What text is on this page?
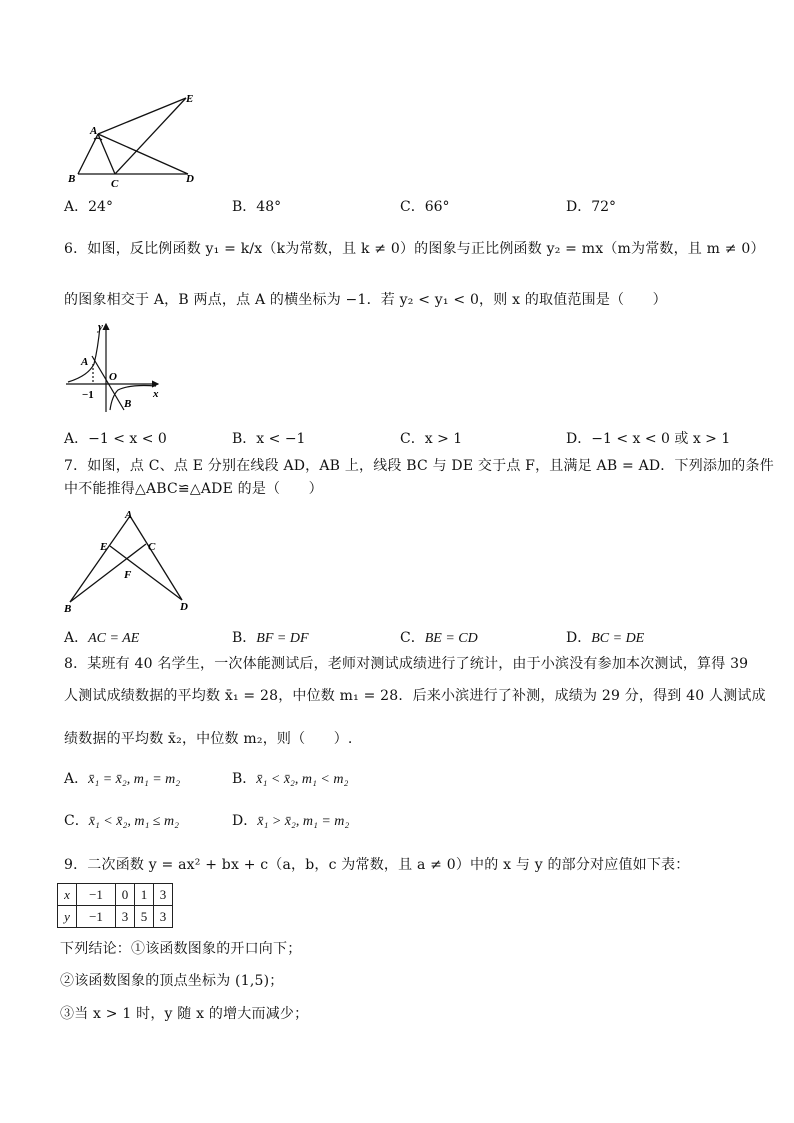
E
A
B	C	D
A．24°	B．48°	C．66°	D．72°
6．如图，反比例函数 y₁ = k/x（k为常数，且 k ≠ 0）的图象与正比例函数 y₂ = mx（m为常数，且 m ≠ 0）
的图象相交于 A，B 两点，点 A 的横坐标为 −1．若 y₂ < y₁ < 0，则 x 的取值范围是（　　）
y
A
O
x
−1
B
A．−1 < x < 0	B．x < −1	C．x > 1	D．−1 < x < 0 或 x > 1
7．如图，点 C、点 E 分别在线段 AD，AB 上，线段 BC 与 DE 交于点 F，且满足 AB = AD．下列添加的条件
中不能推得△ABC≌△ADE 的是（　　）
A
E	C
F
B	D
A．AC = AE	B．BF = DF	C．BE = CD	D．BC = DE
8．某班有 40 名学生，一次体能测试后，老师对测试成绩进行了统计，由于小滨没有参加本次测试，算得 39
人测试成绩数据的平均数 x̄₁ = 28，中位数 m₁ = 28．后来小滨进行了补测，成绩为 29 分，得到 40 人测试成
绩数据的平均数 x̄₂，中位数 m₂，则（　　）.
A．x̄₁ = x̄₂, m₁ = m₂	B．x̄₁ < x̄₂, m₁ < m₂
C．x̄₁ < x̄₂, m₁ ≤ m₂	D．x̄₁ > x̄₂, m₁ = m₂
9．二次函数 y = ax² + bx + c（a，b，c 为常数，且 a ≠ 0）中的 x 与 y 的部分对应值如下表：
x	−1	0	1	3
y	−1	3	5	3
下列结论：①该函数图象的开口向下；
②该函数图象的顶点坐标为 (1,5)；
③当 x > 1 时，y 随 x 的增大而减少；
